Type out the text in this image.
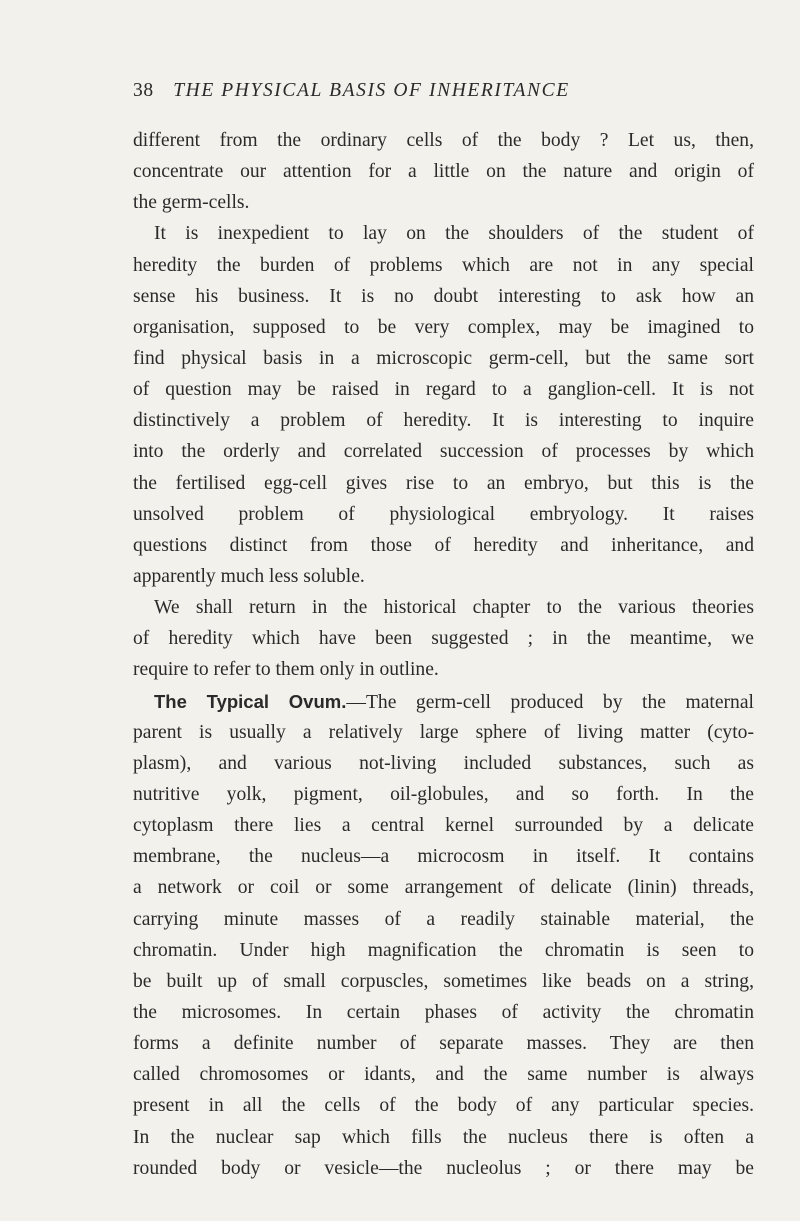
38 THE PHYSICAL BASIS OF INHERITANCE
different from the ordinary cells of the body ? Let us, then,
concentrate our attention for a little on the nature and origin of
the germ-cells.
It is inexpedient to lay on the shoulders of the student of
heredity the burden of problems which are not in any special
sense his business. It is no doubt interesting to ask how an
organisation, supposed to be very complex, may be imagined to
find physical basis in a microscopic germ-cell, but the same sort
of question may be raised in regard to a ganglion-cell. It is not
distinctively a problem of heredity. It is interesting to inquire
into the orderly and correlated succession of processes by which
the fertilised egg-cell gives rise to an embryo, but this is the
unsolved problem of physiological embryology. It raises
questions distinct from those of heredity and inheritance, and
apparently much less soluble.
We shall return in the historical chapter to the various theories
of heredity which have been suggested ; in the meantime, we
require to refer to them only in outline.
The Typical Ovum.—The germ-cell produced by the maternal
parent is usually a relatively large sphere of living matter (cyto-
plasm), and various not-living included substances, such as
nutritive yolk, pigment, oil-globules, and so forth. In the
cytoplasm there lies a central kernel surrounded by a delicate
membrane, the nucleus—a microcosm in itself. It contains
a network or coil or some arrangement of delicate (linin) threads,
carrying minute masses of a readily stainable material, the
chromatin. Under high magnification the chromatin is seen to
be built up of small corpuscles, sometimes like beads on a string,
the microsomes. In certain phases of activity the chromatin
forms a definite number of separate masses. They are then
called chromosomes or idants, and the same number is always
present in all the cells of the body of any particular species.
In the nuclear sap which fills the nucleus there is often a
rounded body or vesicle—the nucleolus ; or there may be
